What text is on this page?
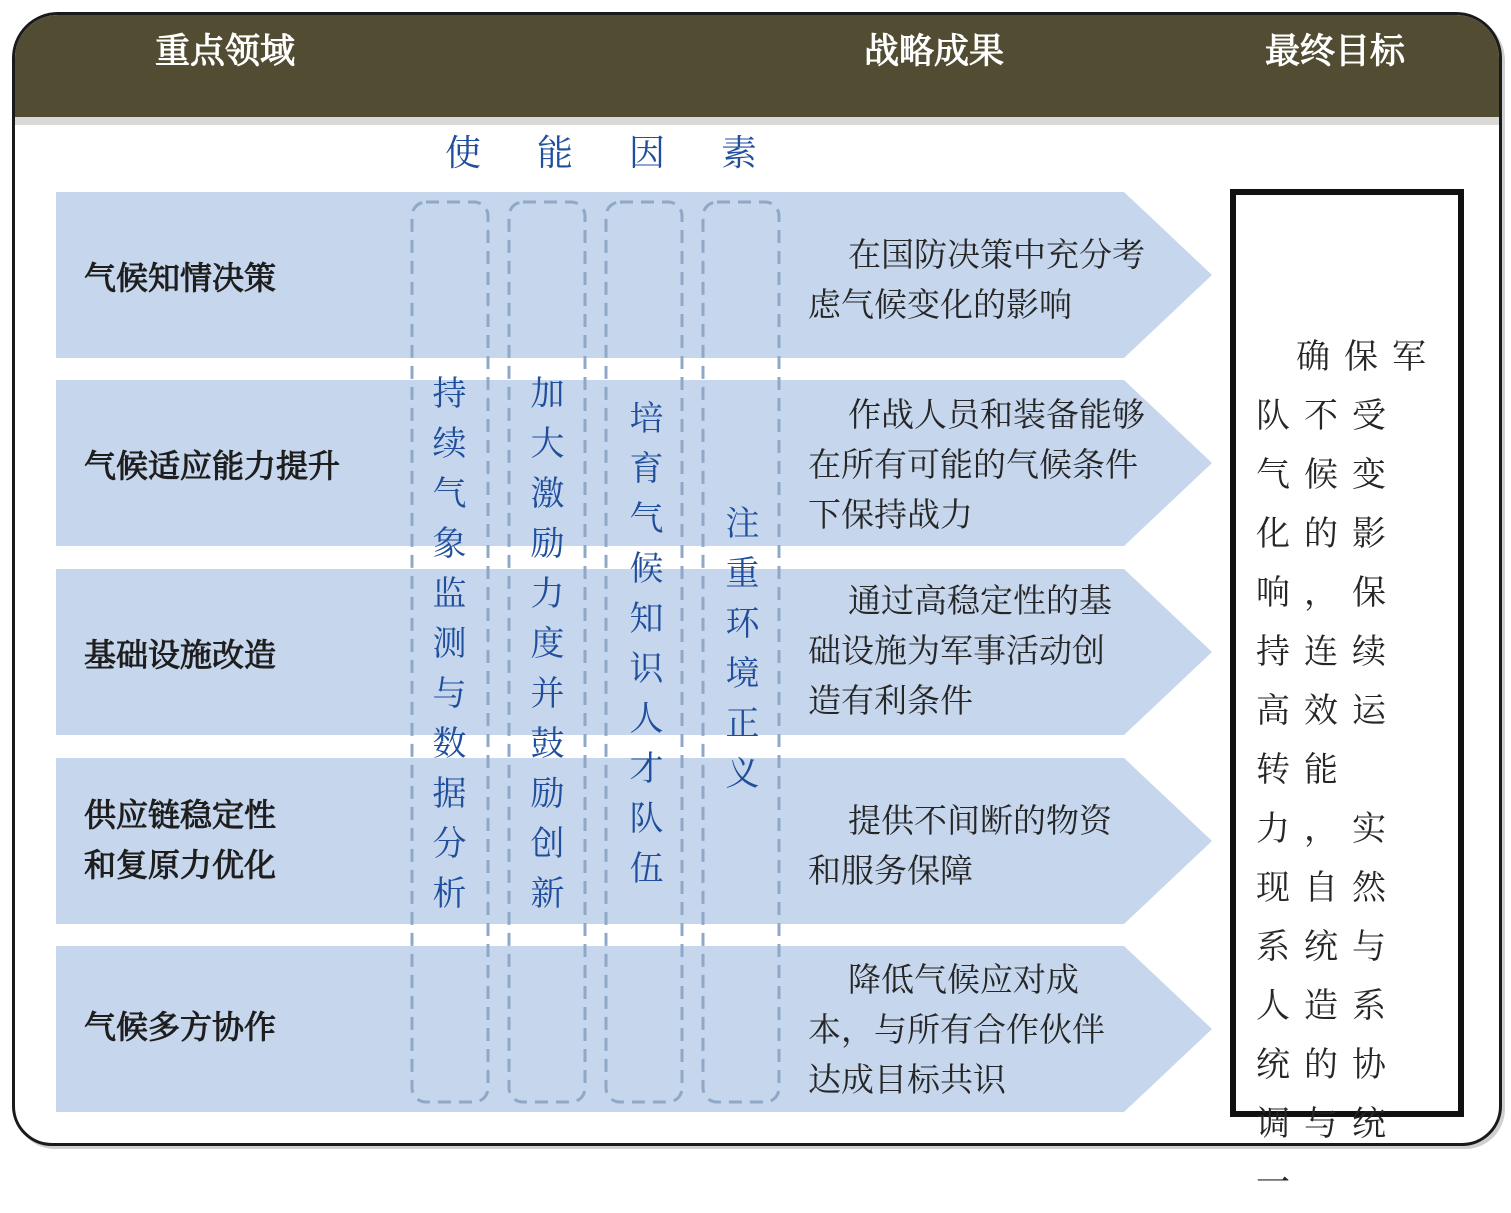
重点领域	战略成果	最终目标
使能因素
气候知情决策
气候适应能力提升
基础设施改造
供应链稳定性
和复原力优化
气候多方协作
持续气象监测与数据分析 加大激励力度并鼓励创新 培育气候知识人才队伍 注重环境正义
在国防决策中充分考虑气候变化的影响
作战人员和装备能够在所有可能的气候条件下保持战力
通过高稳定性的基础设施为军事活动创造有利条件
提供不间断的物资和服务保障
降低气候应对成本，与所有合作伙伴达成目标共识
确保军队不受气候变化的影响，保持连续高效运转能力，实现自然系统与人造系统的协调与统一
